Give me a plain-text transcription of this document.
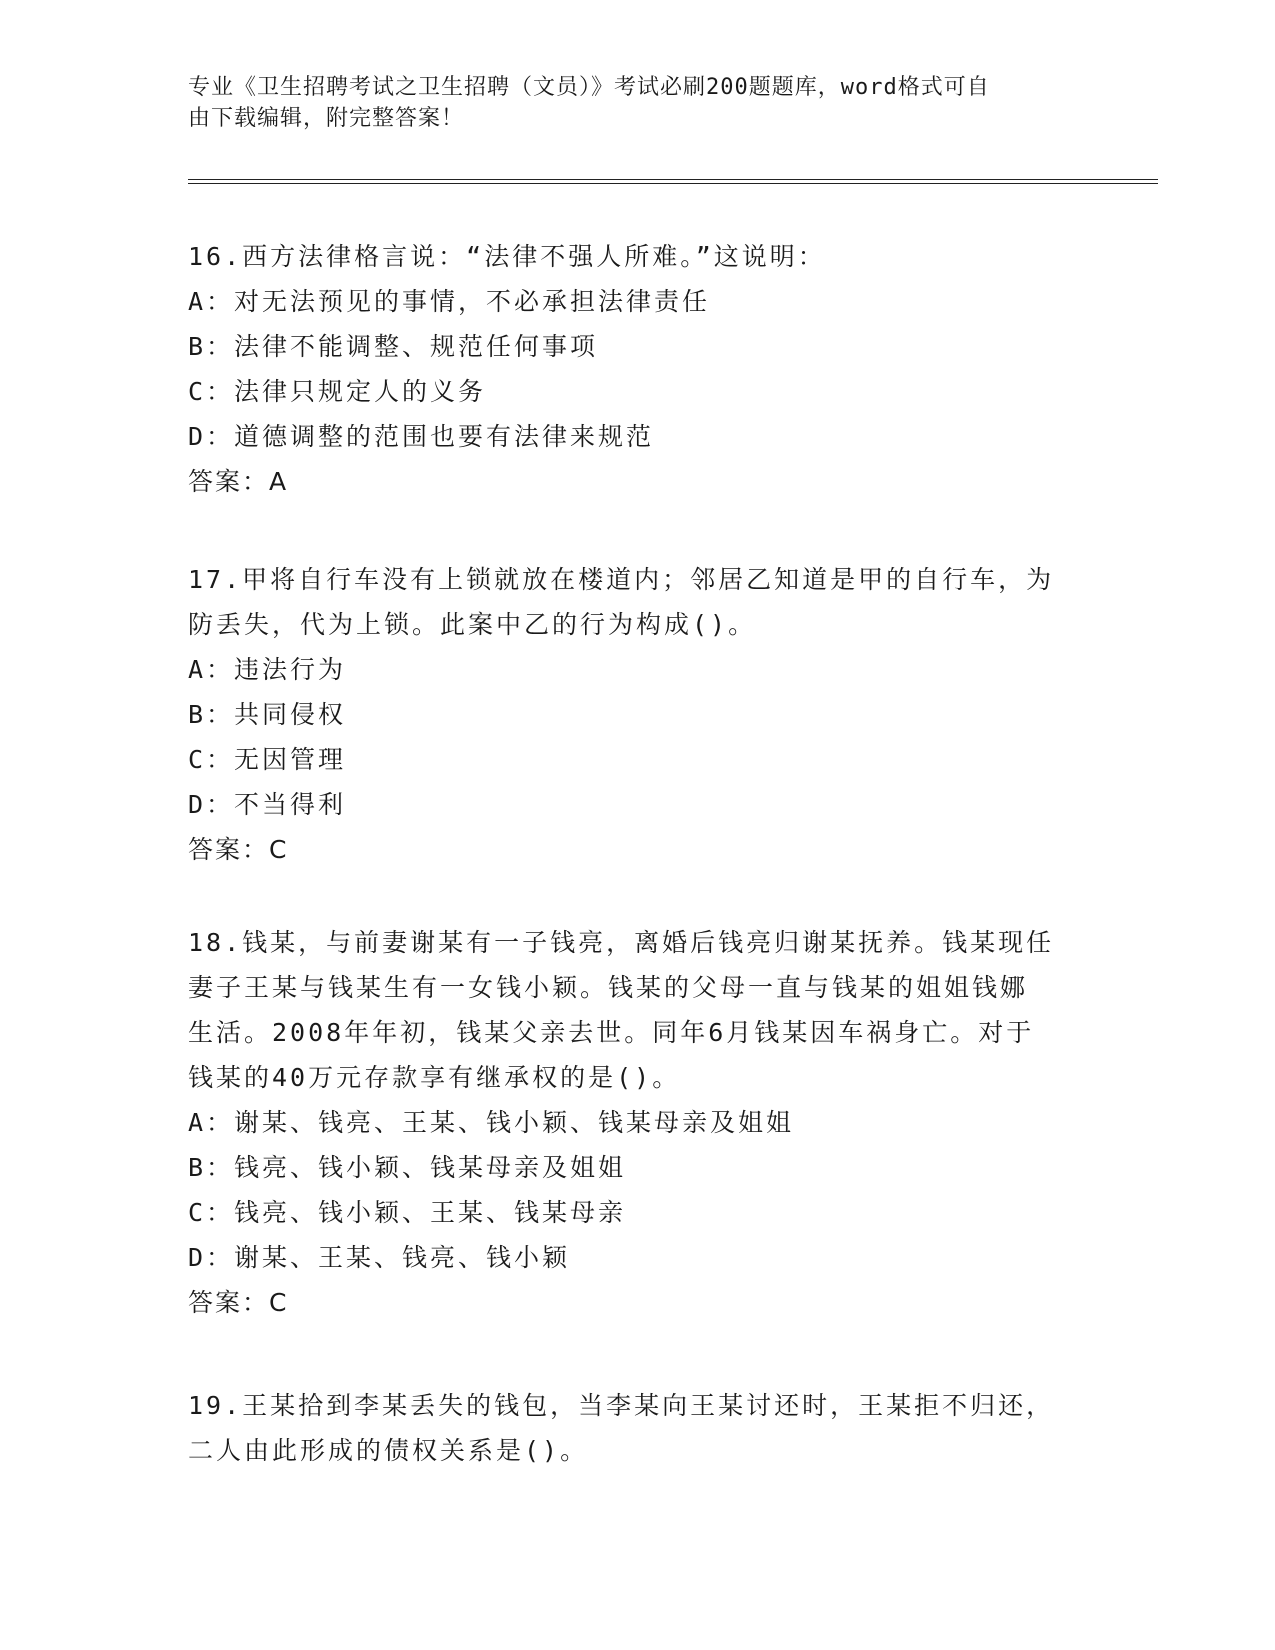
专业《卫生招聘考试之卫生招聘（文员）》考试必刷200题题库，word格式可自
由下载编辑，附完整答案！
16.西方法律格言说：“法律不强人所难。”这说明：
A：对无法预见的事情，不必承担法律责任
B：法律不能调整、规范任何事项
C：法律只规定人的义务
D：道德调整的范围也要有法律来规范
答案：A
17.甲将自行车没有上锁就放在楼道内；邻居乙知道是甲的自行车，为
防丢失，代为上锁。此案中乙的行为构成()。
A：违法行为
B：共同侵权
C：无因管理
D：不当得利
答案：C
18.钱某，与前妻谢某有一子钱亮，离婚后钱亮归谢某抚养。钱某现任
妻子王某与钱某生有一女钱小颖。钱某的父母一直与钱某的姐姐钱娜
生活。2008年年初，钱某父亲去世。同年6月钱某因车祸身亡。对于
钱某的40万元存款享有继承权的是()。
A：谢某、钱亮、王某、钱小颖、钱某母亲及姐姐
B：钱亮、钱小颖、钱某母亲及姐姐
C：钱亮、钱小颖、王某、钱某母亲
D：谢某、王某、钱亮、钱小颖
答案：C
19.王某拾到李某丢失的钱包，当李某向王某讨还时，王某拒不归还，
二人由此形成的债权关系是()。
